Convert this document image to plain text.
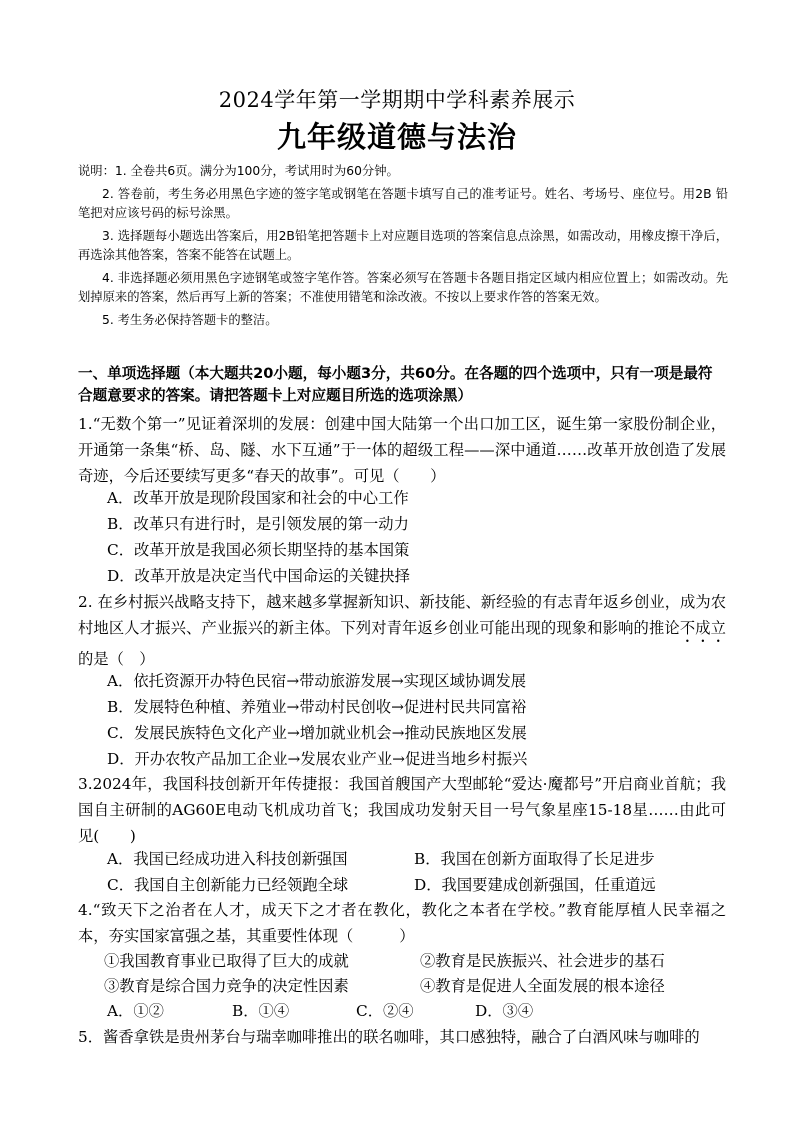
2024学年第一学期期中学科素养展示
九年级道德与法治

说明：1. 全卷共6页。满分为100分，考试用时为60分钟。

2. 答卷前，考生务必用黑色字迹的签字笔或钢笔在答题卡填写自己的准考证号。姓名、考场号、座位号。用2B 铅笔把对应该号码的标号涂黑。

3. 选择题每小题选出答案后，用2B铅笔把答题卡上对应题目选项的答案信息点涂黑，如需改动，用橡皮擦干净后，再选涂其他答案，答案不能答在试题上。

4. 非选择题必须用黑色字迹钢笔或签字笔作答。答案必须写在答题卡各题目指定区域内相应位置上；如需改动。先划掉原来的答案，然后再写上新的答案；不准使用错笔和涂改液。不按以上要求作答的答案无效。

5. 考生务必保持答题卡的整洁。

一、单项选择题（本大题共20小题，每小题3分，共60分。在各题的四个选项中，只有一项是最符合题意要求的答案。请把答题卡上对应题目所选的选项涂黑）
1.“无数个第一”见证着深圳的发展：创建中国大陆第一个出口加工区，诞生第一家股份制企业，开通第一条集“桥、岛、隧、水下互通”于一体的超级工程——深中通道……改革开放创造了发展奇迹，今后还要续写更多“春天的故事”。可见（　　）
A．改革开放是现阶段国家和社会的中心工作
B．改革只有进行时，是引领发展的第一动力
C．改革开放是我国必须长期坚持的基本国策
D．改革开放是决定当代中国命运的关键抉择
2. 在乡村振兴战略支持下，越来越多掌握新知识、新技能、新经验的有志青年返乡创业，成为农村地区人才振兴、产业振兴的新主体。下列对青年返乡创业可能出现的现象和影响的推论不成立的是（　）
A．依托资源开办特色民宿→带动旅游发展→实现区域协调发展
B．发展特色种植、养殖业→带动村民创收→促进村民共同富裕
C．发展民族特色文化产业→增加就业机会→推动民族地区发展
D．开办农牧产品加工企业→发展农业产业→促进当地乡村振兴
3.2024年，我国科技创新开年传捷报：我国首艘国产大型邮轮“爱达·魔都号”开启商业首航；我国自主研制的AG60E电动飞机成功首飞；我国成功发射天目一号气象星座15-18星……由此可见(　　)
A．我国已经成功进入科技创新强国	B．我国在创新方面取得了长足进步
C．我国自主创新能力已经领跑全球	D．我国要建成创新强国，任重道远
4.“致天下之治者在人才，成天下之才者在教化，教化之本者在学校。”教育能厚植人民幸福之本，夯实国家富强之基，其重要性体现（　　　）
①我国教育事业已取得了巨大的成就	②教育是民族振兴、社会进步的基石
③教育是综合国力竞争的决定性因素	④教育是促进人全面发展的根本途径
A．①②	B．①④	C．②④	D．③④
5．酱香拿铁是贵州茅台与瑞幸咖啡推出的联名咖啡，其口感独特，融合了白酒风味与咖啡的
